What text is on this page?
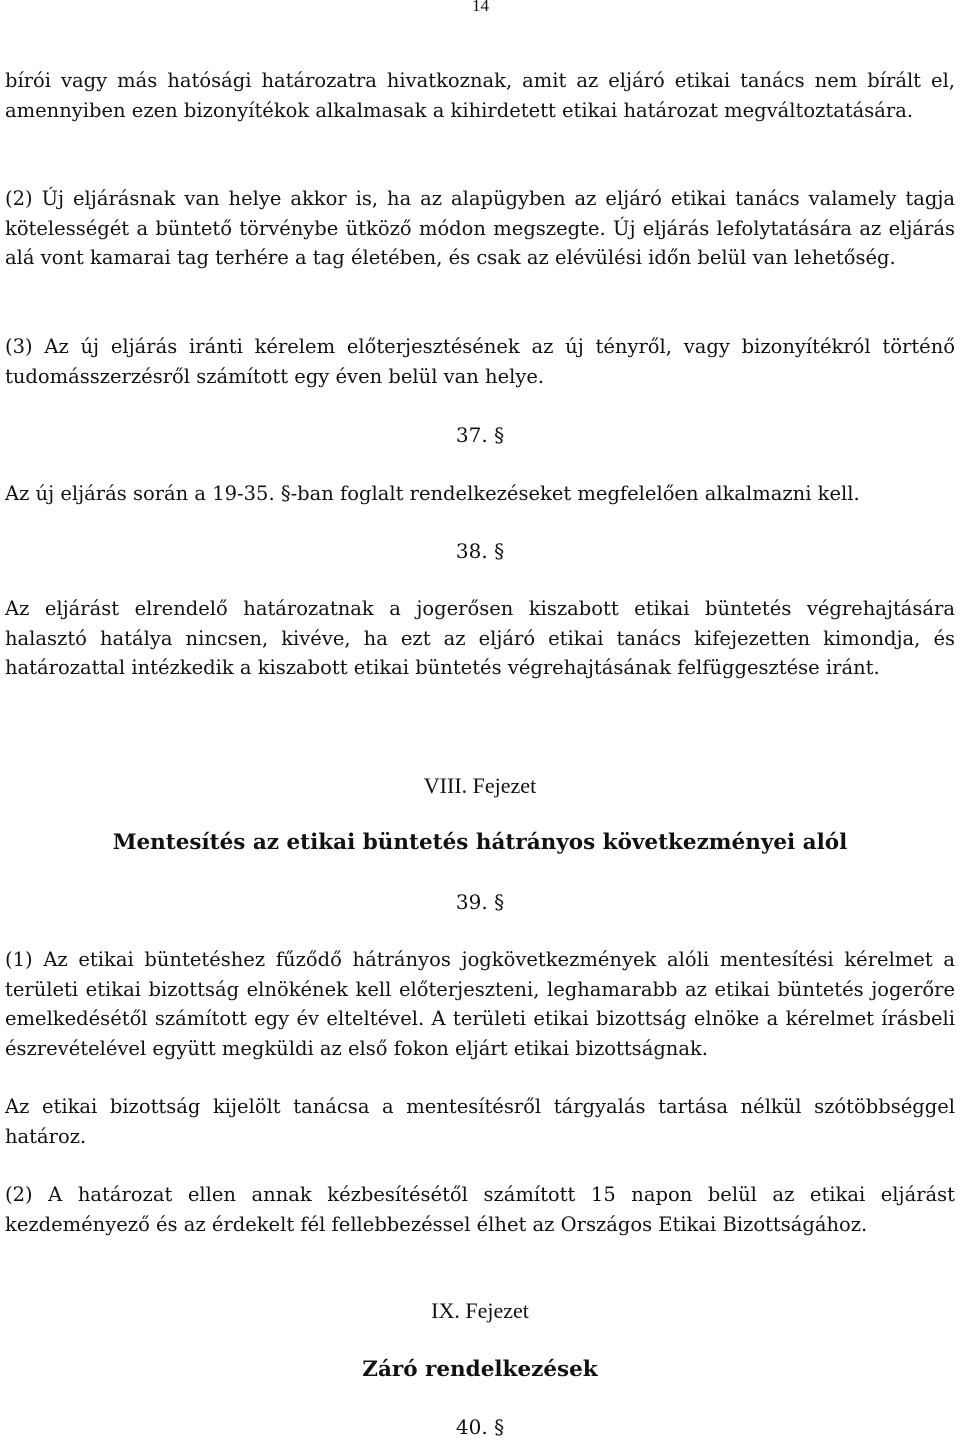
14

bírói vagy más hatósági határozatra hivatkoznak, amit az eljáró etikai tanács nem bírált el, amennyiben ezen bizonyítékok alkalmasak a kihirdetett etikai határozat megváltoztatására.

(2) Új eljárásnak van helye akkor is, ha az alapügyben az eljáró etikai tanács valamely tagja kötelességét a büntető törvénybe ütköző módon megszegte. Új eljárás lefolytatására az eljárás alá vont kamarai tag terhére a tag életében, és csak az elévülési időn belül van lehetőség.

(3) Az új eljárás iránti kérelem előterjesztésének az új tényről, vagy bizonyítékról történő tudomásszerzésről számított egy éven belül van helye.

37. §

Az új eljárás során a 19-35. §-ban foglalt rendelkezéseket megfelelően alkalmazni kell.

38. §

Az eljárást elrendelő határozatnak a jogerősen kiszabott etikai büntetés végrehajtására halasztó hatálya nincsen, kivéve, ha ezt az eljáró etikai tanács kifejezetten kimondja, és határozattal intézkedik a kiszabott etikai büntetés végrehajtásának felfüggesztése iránt.

VIII. Fejezet
Mentesítés az etikai büntetés hátrányos következményei alól
39. §

(1) Az etikai büntetéshez fűződő hátrányos jogkövetkezmények alóli mentesítési kérelmet a területi etikai bizottság elnökének kell előterjeszteni, leghamarabb az etikai büntetés jogerőre emelkedésétől számított egy év elteltével. A területi etikai bizottság elnöke a kérelmet írásbeli észrevételével együtt megküldi az első fokon eljárt etikai bizottságnak.

Az etikai bizottság kijelölt tanácsa a mentesítésről tárgyalás tartása nélkül szótöbbséggel határoz.

(2) A határozat ellen annak kézbesítésétől számított 15 napon belül az etikai eljárást kezdeményező és az érdekelt fél fellebbezéssel élhet az Országos Etikai Bizottságához.

IX. Fejezet
Záró rendelkezések
40. §
